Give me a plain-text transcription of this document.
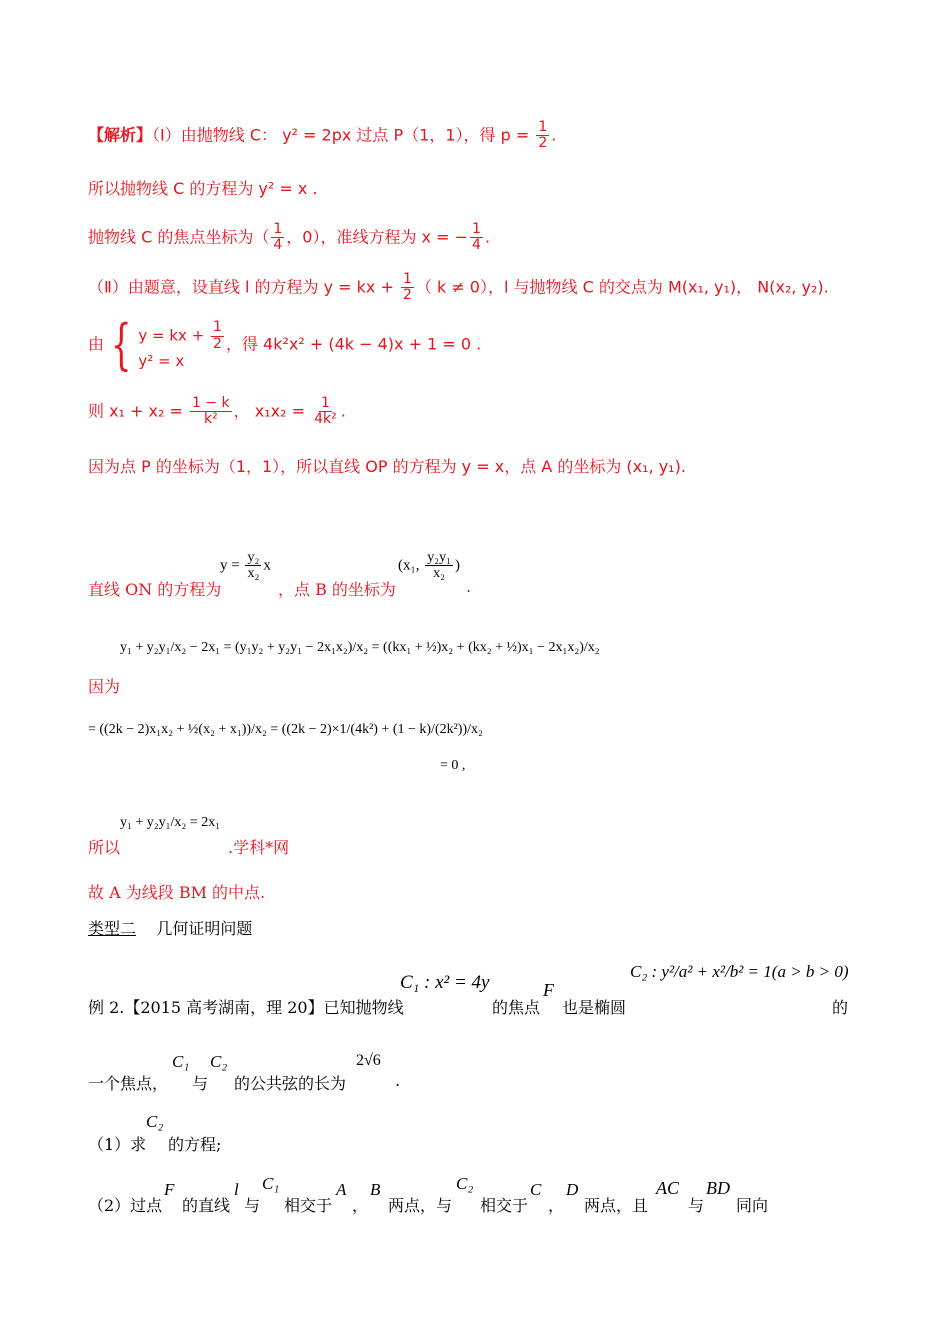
【解析】（Ⅰ）由抛物线 C： y² = 2px 过点 P（1，1），得 $p = \frac{1}{2}$ .
所以抛物线 C 的方程为 y² = x .
抛物线 C 的焦点坐标为（ $\frac{1}{4}$ ，0），准线方程为 x = − $\frac{1}{4}$ .
（Ⅱ）由题意，设直线 l 的方程为 y = kx + $\frac{1}{2}$ （ k ≠ 0），l 与抛物线 C 的交点为 M(x₁, y₁)， N(x₂, y₂).
由 { y = kx + $\frac{1}{2}$
y² = x
，得 4k²x² + (4k − 4)x + 1 = 0 .
则 $x_1 + x_2 = \frac{1 - k}{\text{k²}}$ ， $x_1x_2 = \frac{1}{\text{4k²}}$ .
因为点 P 的坐标为（1，1），所以直线 OP 的方程为 y = x，点 A 的坐标为 (x₁, y₁).
$y = \frac{\text{y₂}}{\text{x₂}}$ x	(x₁, $\frac{\text{y₂y₁}}{\text{x₂}}$ )
直线 ON 的方程为	，点 B 的坐标为	.
y₁ + y₂y₁/x₂ − 2x₁ = (y₁y₂ + y₂y₁ − 2x₁x₂)/x₂ = ((kx₁ + ½)x₂ + (kx₂ + ½)x₁ − 2x₁x₂)/x₂
因为
= ((2k − 2)x₁x₂ + ½(x₂ + x₁))/x₂ = ((2k − 2)×1/(4k²) + (1 − k)/(2k²))/x₂
= 0 ,
y₁ + y₂y₁/x₂ = 2x₁
所以	.学科*网
故 A 为线段 BM 的中点.
类型二 几何证明问题
C₁ : x² = 4y	F
C₂ : y²/a² + x²/b² = 1(a > b > 0)
例 2.【2015 高考湖南，理 20】已知抛物线	的焦点 也是椭圆	的
C₁ C₂	2√6
一个焦点， 与 的公共弦的长为	.
C₂
（1）求 的方程;
F	l C₁	A B	C₂	C D	AC BD
（2）过点 的直线 与 相交于 ， 两点，与 相交于 ， 两点，且 与 同向
